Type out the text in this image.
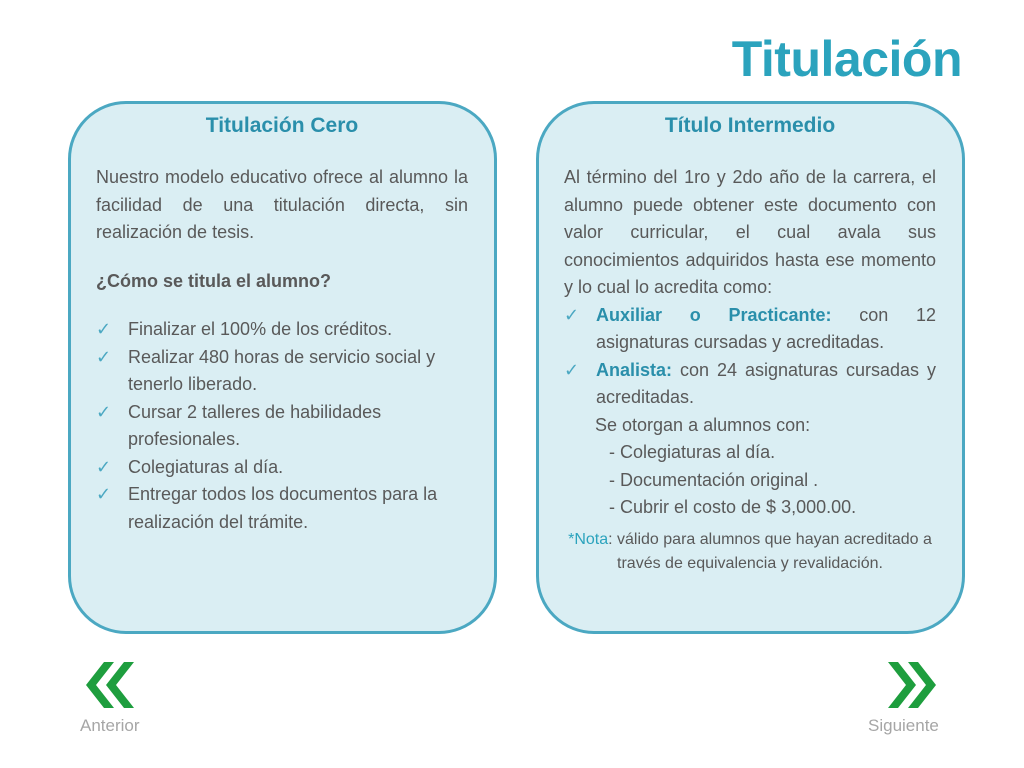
Titulación
Titulación Cero

Nuestro modelo educativo ofrece al alumno la facilidad de una titulación directa, sin realización de tesis.

¿Cómo se titula el alumno?
✓ Finalizar el 100% de los créditos.
✓ Realizar 480 horas de servicio social y tenerlo liberado.
✓ Cursar 2 talleres de habilidades profesionales.
✓ Colegiaturas al día.
✓ Entregar todos los documentos para la realización del trámite.
Título Intermedio

Al término del 1ro y 2do año de la carrera, el alumno puede obtener este documento con valor curricular, el cual avala sus conocimientos adquiridos hasta ese momento y lo cual lo acredita como:

✓ Auxiliar o Practicante: con 12 asignaturas cursadas y acreditadas.
✓ Analista: con 24 asignaturas cursadas y acreditadas.
Se otorgan a alumnos con:
- Colegiaturas al día.
- Documentación original .
- Cubrir el costo de $ 3,000.00.
*Nota: válido para alumnos que hayan acreditado a través de equivalencia y revalidación.
Anterior	Siguiente
